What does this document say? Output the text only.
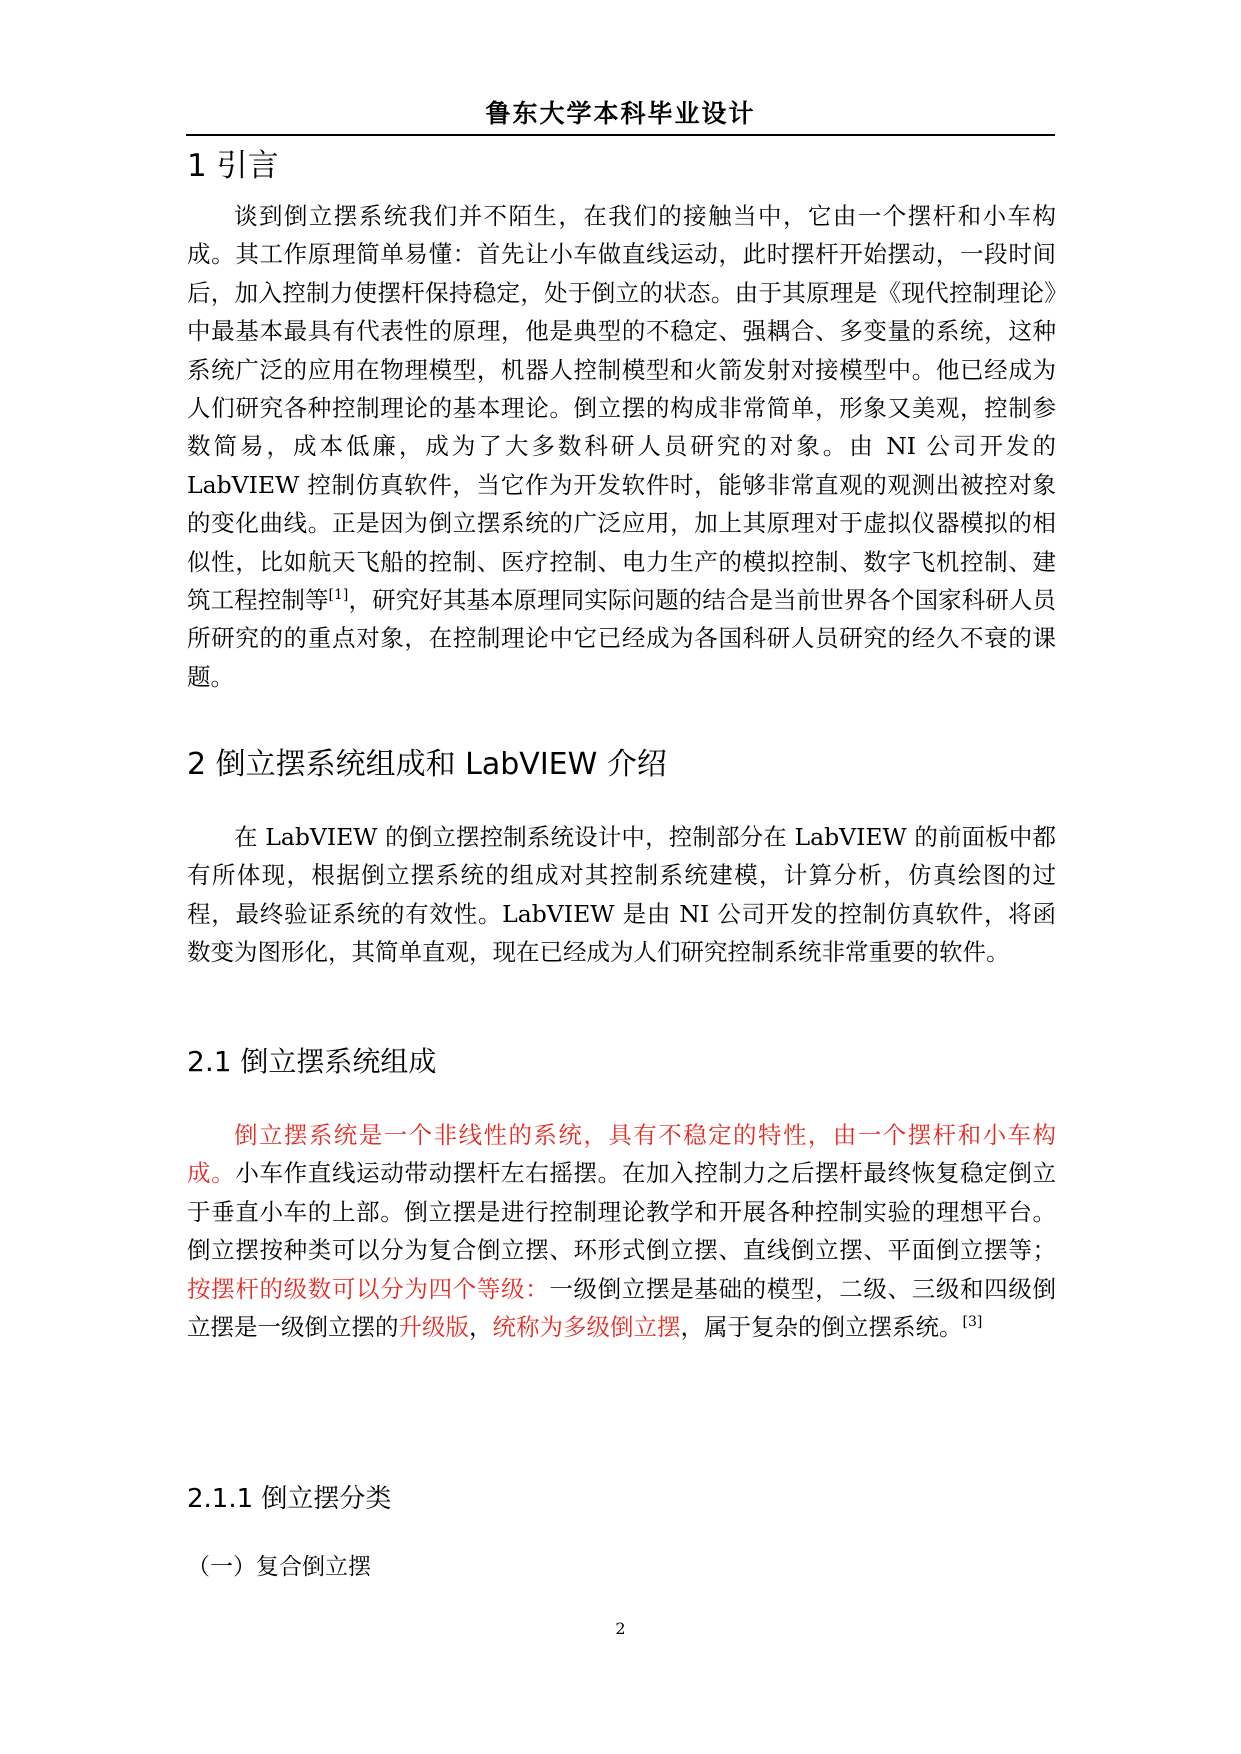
鲁东大学本科毕业设计
1 引言

谈到倒立摆系统我们并不陌生，在我们的接触当中，它由一个摆杆和小车构成。其工作原理简单易懂：首先让小车做直线运动，此时摆杆开始摆动，一段时间后，加入控制力使摆杆保持稳定，处于倒立的状态。由于其原理是《现代控制理论》中最基本最具有代表性的原理，他是典型的不稳定、强耦合、多变量的系统，这种系统广泛的应用在物理模型，机器人控制模型和火箭发射对接模型中。他已经成为人们研究各种控制理论的基本理论。倒立摆的构成非常简单，形象又美观，控制参数简易，成本低廉，成为了大多数科研人员研究的对象。由 NI 公司开发的 LabVIEW 控制仿真软件，当它作为开发软件时，能够非常直观的观测出被控对象的变化曲线。正是因为倒立摆系统的广泛应用，加上其原理对于虚拟仪器模拟的相似性，比如航天飞船的控制、医疗控制、电力生产的模拟控制、数字飞机控制、建筑工程控制等[1]，研究好其基本原理同实际问题的结合是当前世界各个国家科研人员所研究的的重点对象，在控制理论中它已经成为各国科研人员研究的经久不衰的课题。

2 倒立摆系统组成和 LabVIEW 介绍

在 LabVIEW 的倒立摆控制系统设计中，控制部分在 LabVIEW 的前面板中都有所体现，根据倒立摆系统的组成对其控制系统建模，计算分析，仿真绘图的过程，最终验证系统的有效性。LabVIEW 是由 NI 公司开发的控制仿真软件，将函数变为图形化，其简单直观，现在已经成为人们研究控制系统非常重要的软件。

2.1 倒立摆系统组成

倒立摆系统是一个非线性的系统，具有不稳定的特性，由一个摆杆和小车构成。小车作直线运动带动摆杆左右摇摆。在加入控制力之后摆杆最终恢复稳定倒立于垂直小车的上部。倒立摆是进行控制理论教学和开展各种控制实验的理想平台。倒立摆按种类可以分为复合倒立摆、环形式倒立摆、直线倒立摆、平面倒立摆等；按摆杆的级数可以分为四个等级：一级倒立摆是基础的模型，二级、三级和四级倒立摆是一级倒立摆的升级版，统称为多级倒立摆，属于复杂的倒立摆系统。[3]

2.1.1 倒立摆分类
（一）复合倒立摆
2
